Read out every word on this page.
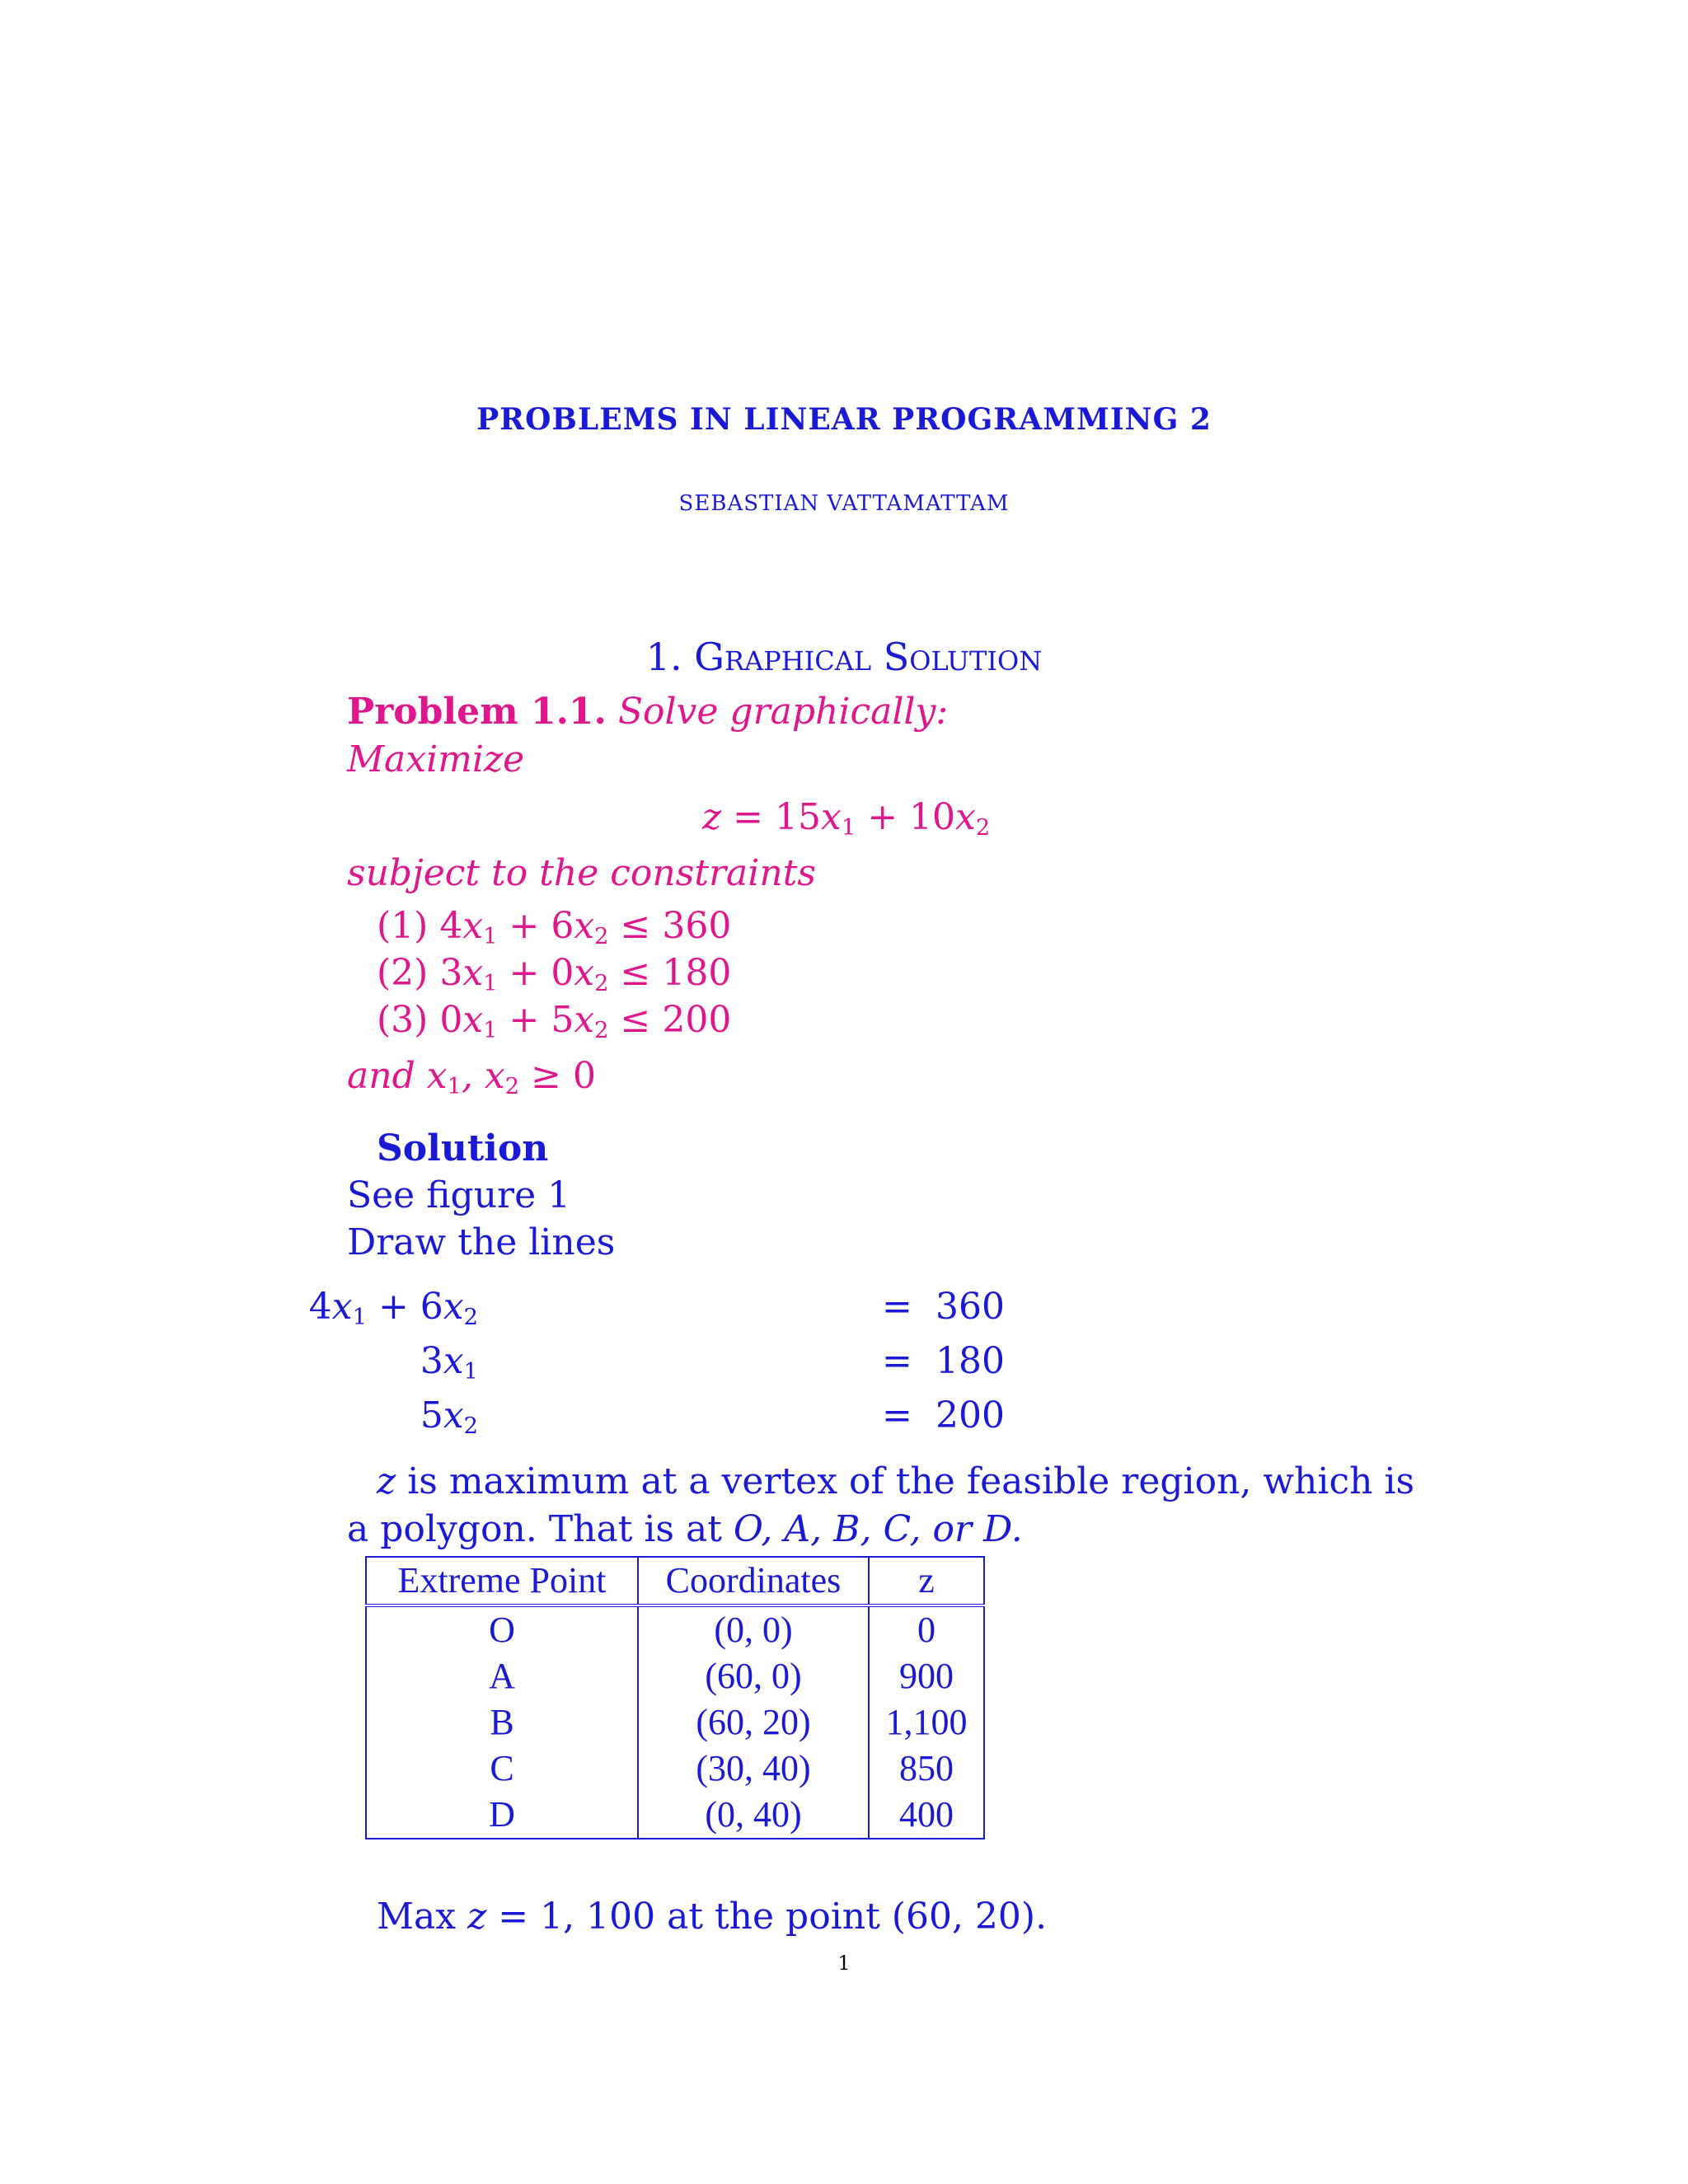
PROBLEMS IN LINEAR PROGRAMMING 2
SEBASTIAN VATTAMATTAM
1. Graphical Solution
Problem 1.1. Solve graphically:
Maximize
$z = 15x_1 + 10x_2$
subject to the constraints
(1) $4x_1 + 6x_2 \le 360$
(2) $3x_1 + 0x_2 \le 180$
(3) $0x_1 + 5x_2 \le 200$
and $x_1$, $x_2 \ge 0$
Solution
See figure 1
Draw the lines
$4x_1 + 6x_2$	= 360
$3x_1$	= 180
$5x_2$	= 200
z is maximum at a vertex of the feasible region, which is
a polygon. That is at O, A, B, C, or D.
Extreme Point	Coordinates	z
O	(0, 0)	0
A	(60, 0)	900
B	(60, 20)	1,100
C	(30, 40)	850
D	(0, 40)	400
Max z = 1, 100 at the point (60, 20).
1
